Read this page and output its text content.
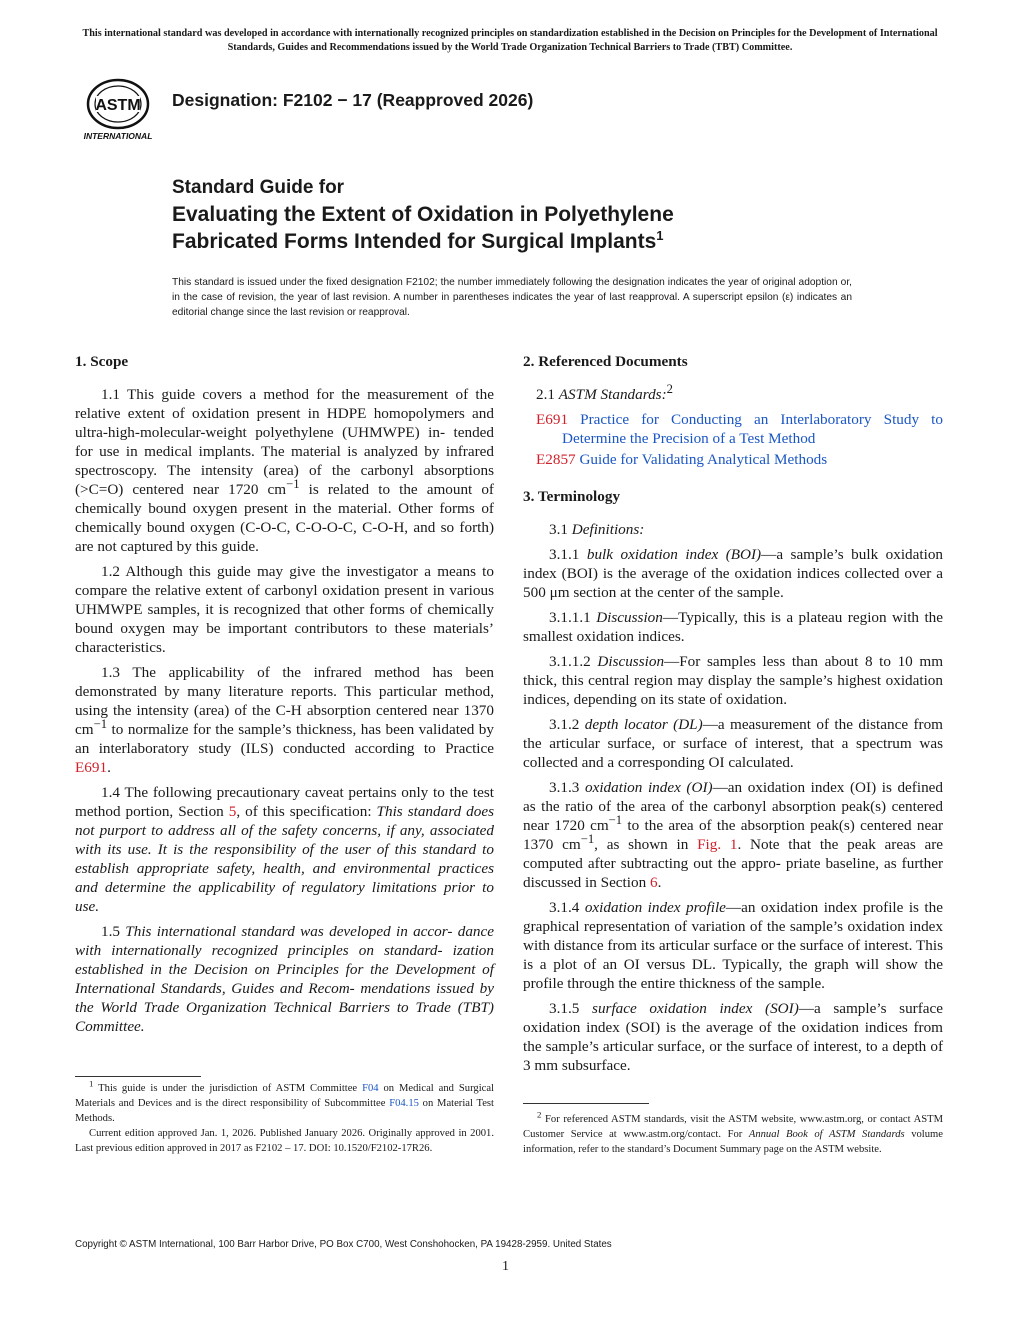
This international standard was developed in accordance with internationally recognized principles on standardization established in the Decision on Principles for the Development of International Standards, Guides and Recommendations issued by the World Trade Organization Technical Barriers to Trade (TBT) Committee.
ASTM
INTERNATIONAL
Designation: F2102 − 17 (Reapproved 2026)
Standard Guide for
Evaluating the Extent of Oxidation in Polyethylene
Fabricated Forms Intended for Surgical Implants$^1$
This standard is issued under the fixed designation F2102; the number immediately following the designation indicates the year of original adoption or, in the case of revision, the year of last revision. A number in parentheses indicates the year of last reapproval. A superscript epsilon (ε) indicates an editorial change since the last revision or reapproval.
1. Scope

1.1 This guide covers a method for the measurement of the relative extent of oxidation present in HDPE homopolymers and ultra-high-molecular-weight polyethylene (UHMWPE) in- tended for use in medical implants. The material is analyzed by infrared spectroscopy. The intensity (area) of the carbonyl absorptions (>C=O) centered near 1720 $cm^{-1}$ is related to the amount of chemically bound oxygen present in the material. Other forms of chemically bound oxygen (C-O-C, C-O-O-C, C-O-H, and so forth) are not captured by this guide.

1.2 Although this guide may give the investigator a means to compare the relative extent of carbonyl oxidation present in various UHMWPE samples, it is recognized that other forms of chemically bound oxygen may be important contributors to these materials’ characteristics.

1.3 The applicability of the infrared method has been demonstrated by many literature reports. This particular method, using the intensity (area) of the C-H absorption centered near 1370 $cm^{-1}$ to normalize for the sample’s thickness, has been validated by an interlaboratory study (ILS) conducted according to Practice E691.

1.4 The following precautionary caveat pertains only to the test method portion, Section 5, of this specification: This standard does not purport to address all of the safety concerns, if any, associated with its use. It is the responsibility of the user of this standard to establish appropriate safety, health, and environmental practices and determine the applicability of regulatory limitations prior to use.

1.5 This international standard was developed in accor- dance with internationally recognized principles on standard- ization established in the Decision on Principles for the Development of International Standards, Guides and Recom- mendations issued by the World Trade Organization Technical Barriers to Trade (TBT) Committee.

2. Referenced Documents

2.1 ASTM Standards:$^2$

E691 Practice for Conducting an Interlaboratory Study to Determine the Precision of a Test Method

E2857 Guide for Validating Analytical Methods

3. Terminology

3.1 Definitions:

3.1.1 bulk oxidation index (BOI)—a sample’s bulk oxidation index (BOI) is the average of the oxidation indices collected over a 500 μm section at the center of the sample.

3.1.1.1 Discussion—Typically, this is a plateau region with the smallest oxidation indices.

3.1.1.2 Discussion—For samples less than about 8 to 10 mm thick, this central region may display the sample’s highest oxidation indices, depending on its state of oxidation.

3.1.2 depth locator (DL)—a measurement of the distance from the articular surface, or surface of interest, that a spectrum was collected and a corresponding OI calculated.

3.1.3 oxidation index (OI)—an oxidation index (OI) is defined as the ratio of the area of the carbonyl absorption peak(s) centered near 1720 $cm^{-1}$ to the area of the absorption peak(s) centered near 1370 $cm^{-1}$, as shown in Fig. 1. Note that the peak areas are computed after subtracting out the appro- priate baseline, as further discussed in Section 6.

3.1.4 oxidation index profile—an oxidation index profile is the graphical representation of variation of the sample’s oxidation index with distance from its articular surface or the surface of interest. This is a plot of an OI versus DL. Typically, the graph will show the profile through the entire thickness of the sample.

3.1.5 surface oxidation index (SOI)—a sample’s surface oxidation index (SOI) is the average of the oxidation indices from the sample’s articular surface, or the surface of interest, to a depth of 3 mm subsurface.

$^1$ This guide is under the jurisdiction of ASTM Committee F04 on Medical and Surgical Materials and Devices and is the direct responsibility of Subcommittee F04.15 on Material Test Methods.

Current edition approved Jan. 1, 2026. Published January 2026. Originally approved in 2001. Last previous edition approved in 2017 as F2102 – 17. DOI: 10.1520/F2102-17R26.

$^2$ For referenced ASTM standards, visit the ASTM website, www.astm.org, or contact ASTM Customer Service at www.astm.org/contact. For Annual Book of ASTM Standards volume information, refer to the standard’s Document Summary page on the ASTM website.

Copyright © ASTM International, 100 Barr Harbor Drive, PO Box C700, West Conshohocken, PA 19428-2959. United States
1
